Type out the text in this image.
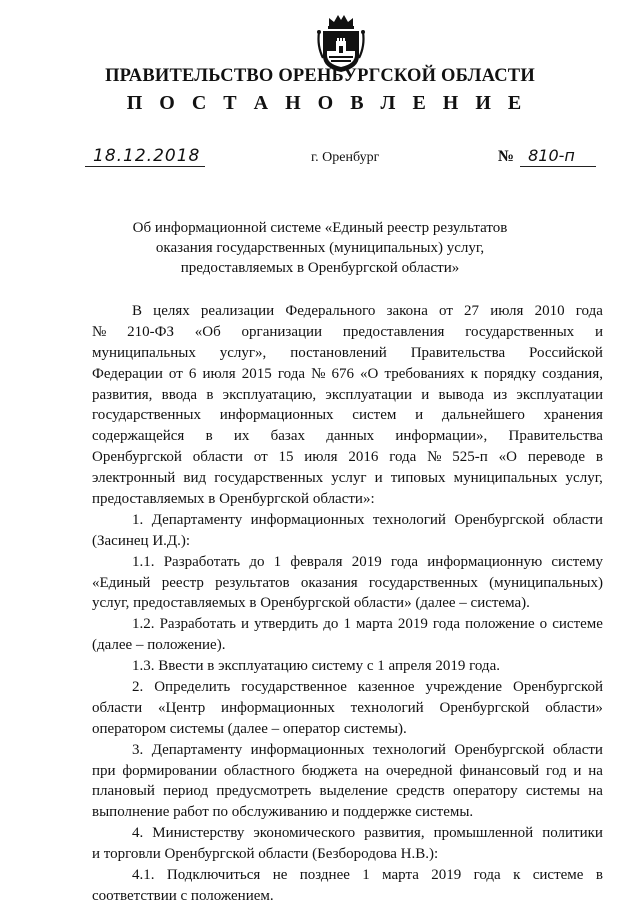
ПРАВИТЕЛЬСТВО ОРЕНБУРГСКОЙ ОБЛАСТИ
П О С Т А Н О В Л Е Н И Е
18.12.2018	г. Оренбург	№ 810-п
Об информационной системе «Единый реестр результатов
оказания государственных (муниципальных) услуг,
предоставляемых в Оренбургской области»
В целях реализации Федерального закона от 27 июля 2010 года
№ 210-ФЗ «Об организации предоставления государственных и
муниципальных услуг», постановлений Правительства Российской
Федерации от 6 июля 2015 года № 676 «О требованиях к порядку создания,
развития, ввода в эксплуатацию, эксплуатации и вывода из эксплуатации
государственных информационных систем и дальнейшего хранения
содержащейся в их базах данных информации», Правительства
Оренбургской области от 15 июля 2016 года № 525-п «О переводе в
электронный вид государственных услуг и типовых муниципальных услуг,
предоставляемых в Оренбургской области»:
1. Департаменту информационных технологий Оренбургской области
(Засинец И.Д.):
1.1. Разработать до 1 февраля 2019 года информационную систему
«Единый реестр результатов оказания государственных (муниципальных)
услуг, предоставляемых в Оренбургской области» (далее – система).
1.2. Разработать и утвердить до 1 марта 2019 года положение о системе
(далее – положение).
1.3. Ввести в эксплуатацию систему с 1 апреля 2019 года.
2. Определить государственное казенное учреждение Оренбургской
области «Центр информационных технологий Оренбургской области»
оператором системы (далее – оператор системы).
3. Департаменту информационных технологий Оренбургской области
при формировании областного бюджета на очередной финансовый год и на
плановый период предусмотреть выделение средств оператору системы на
выполнение работ по обслуживанию и поддержке системы.
4. Министерству экономического развития, промышленной политики
и торговли Оренбургской области (Безбородова Н.В.):
4.1. Подключиться не позднее 1 марта 2019 года к системе в
соответствии с положением.
